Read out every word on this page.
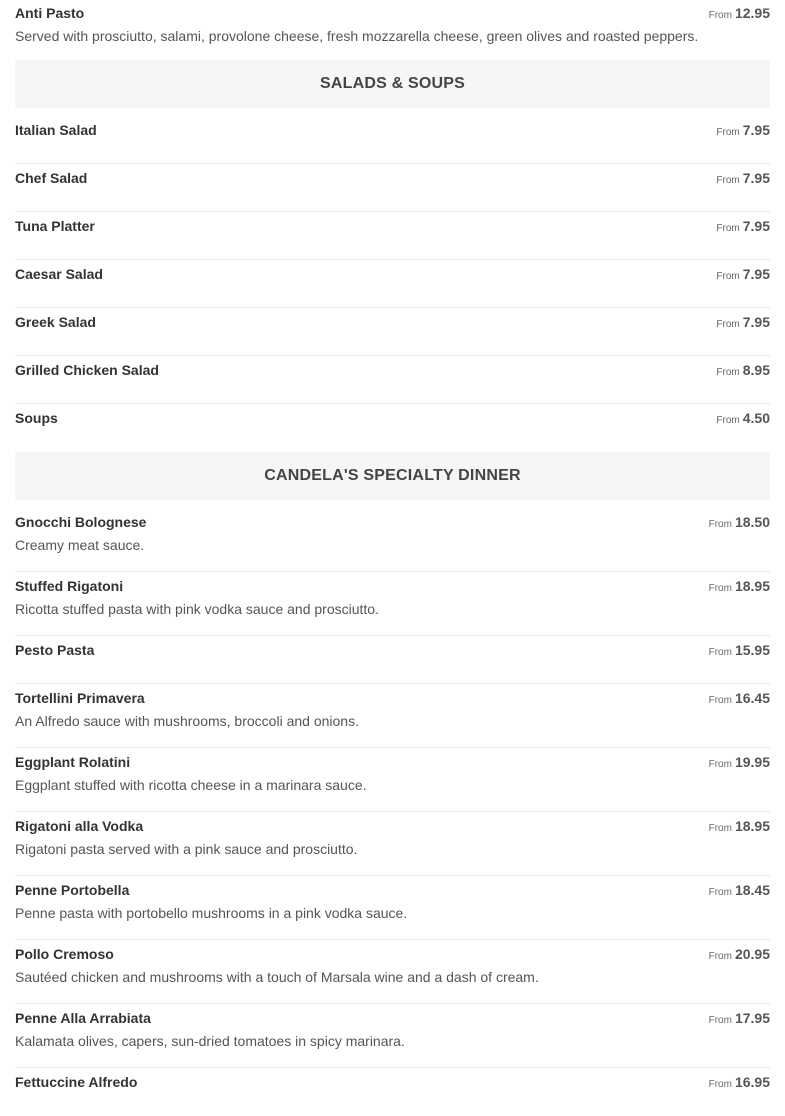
Anti Pasto	From 12.95
Served with prosciutto, salami, provolone cheese, fresh mozzarella cheese, green olives and roasted peppers.
SALADS & SOUPS
Italian Salad	From 7.95
Chef Salad	From 7.95
Tuna Platter	From 7.95
Caesar Salad	From 7.95
Greek Salad	From 7.95
Grilled Chicken Salad	From 8.95
Soups	From 4.50
CANDELA'S SPECIALTY DINNER
Gnocchi Bolognese	From 18.50
Creamy meat sauce.
Stuffed Rigatoni	From 18.95
Ricotta stuffed pasta with pink vodka sauce and prosciutto.
Pesto Pasta	From 15.95
Tortellini Primavera	From 16.45
An Alfredo sauce with mushrooms, broccoli and onions.
Eggplant Rolatini	From 19.95
Eggplant stuffed with ricotta cheese in a marinara sauce.
Rigatoni alla Vodka	From 18.95
Rigatoni pasta served with a pink sauce and prosciutto.
Penne Portobella	From 18.45
Penne pasta with portobello mushrooms in a pink vodka sauce.
Pollo Cremoso	From 20.95
Sautéed chicken and mushrooms with a touch of Marsala wine and a dash of cream.
Penne Alla Arrabiata	From 17.95
Kalamata olives, capers, sun-dried tomatoes in spicy marinara.
Fettuccine Alfredo	From 16.95
